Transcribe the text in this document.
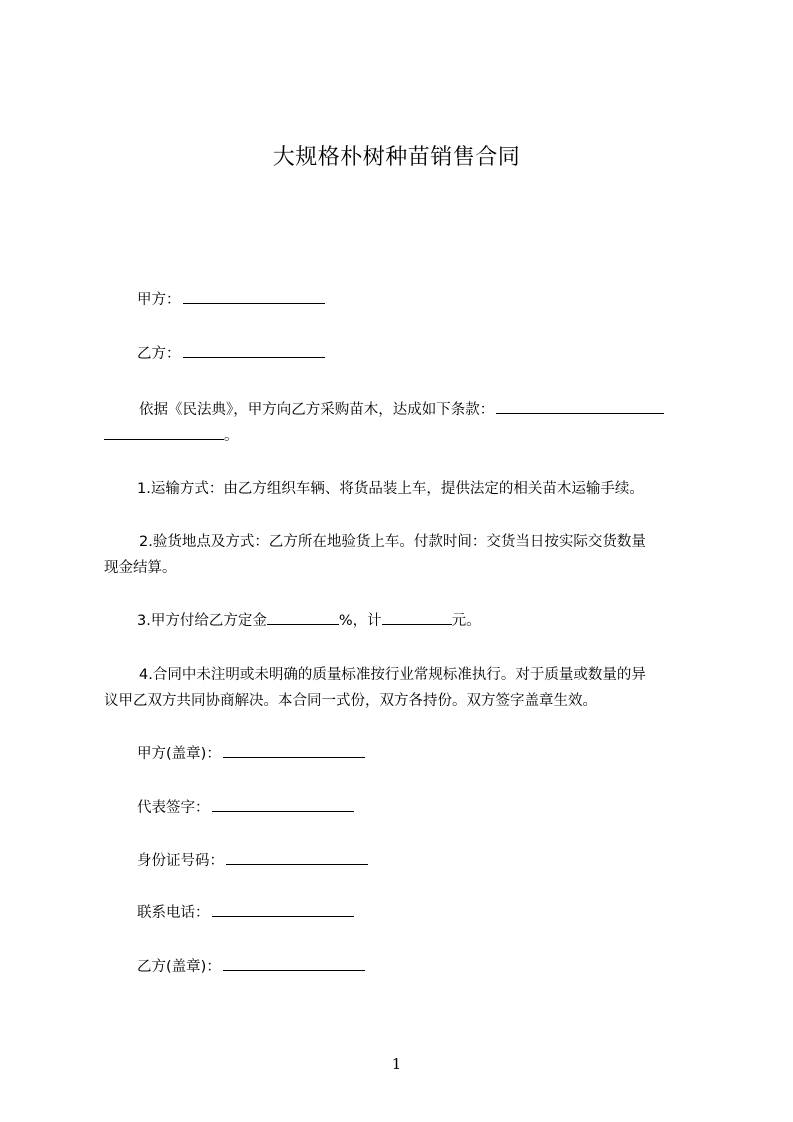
大规格朴树种苗销售合同
甲方：
乙方：
依据《民法典》，甲方向乙方采购苗木，达成如下条款：
。
1.运输方式：由乙方组织车辆、将货品装上车，提供法定的相关苗木运输手续。
2.验货地点及方式：乙方所在地验货上车。付款时间：交货当日按实际交货数量
现金结算。
3.甲方付给乙方定金	%，计	元。
4.合同中未注明或未明确的质量标准按行业常规标准执行。对于质量或数量的异
议甲乙双方共同协商解决。本合同一式份，双方各持份。双方签字盖章生效。
甲方(盖章)：
代表签字：
身份证号码：
联系电话：
乙方(盖章)：
1
